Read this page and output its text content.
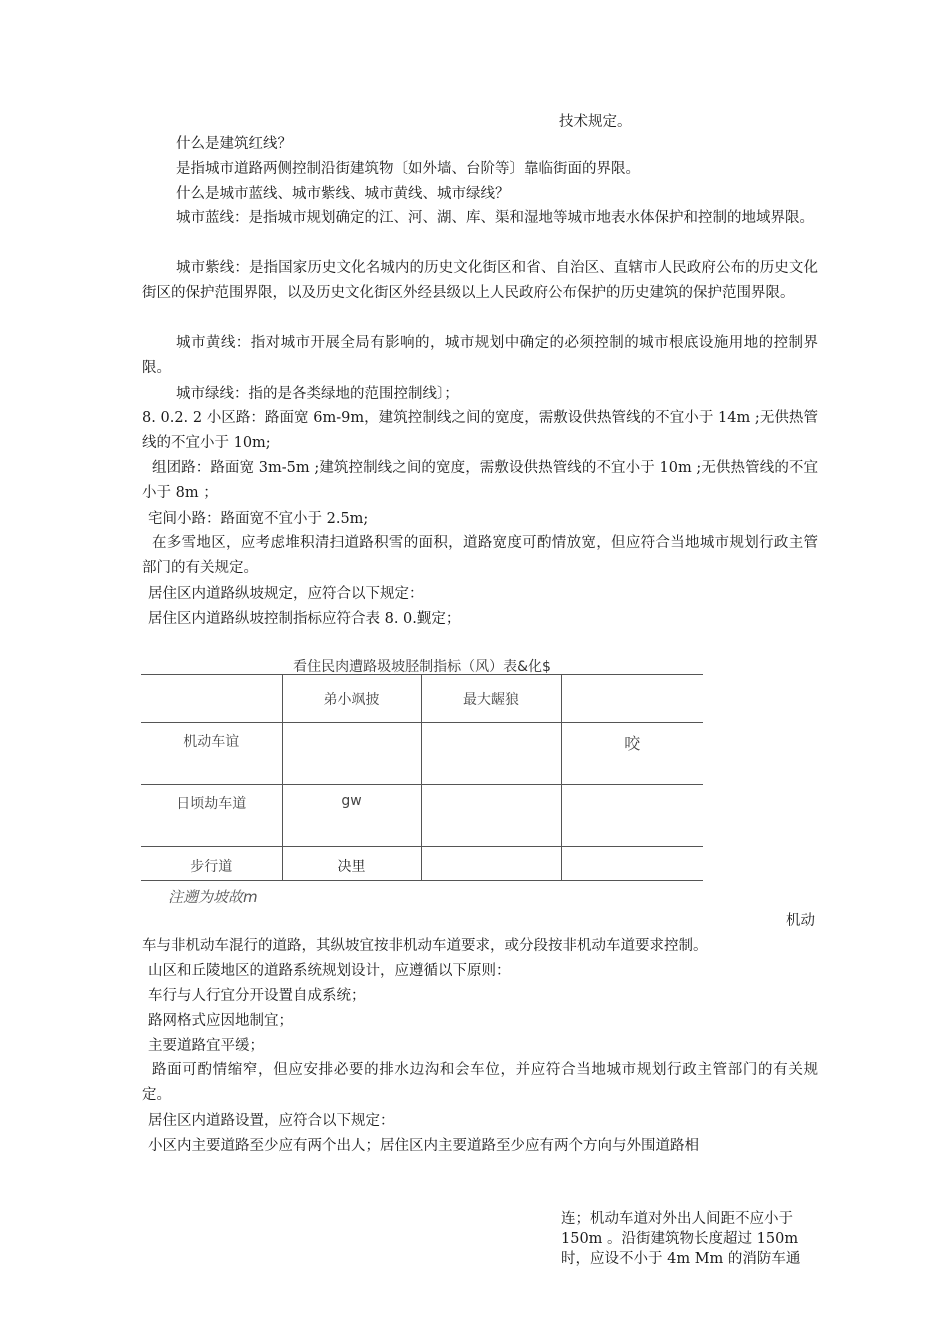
技术规定。
什么是建筑红线？
是指城市道路两侧控制沿街建筑物〔如外墙、台阶等〕靠临街面的界限。
什么是城市蓝线、城市紫线、城市黄线、城市绿线？
城市蓝线：是指城市规划确定的江、河、湖、库、渠和湿地等城市地表水体保护和控制的地域界限。
城市紫线：是指国家历史文化名城内的历史文化街区和省、自治区、直辖市人民政府公布的历史文化街区的保护范围界限，以及历史文化街区外经县级以上人民政府公布保护的历史建筑的保护范围界限。
城市黄线：指对城市开展全局有影响的，城市规划中确定的必须控制的城市根底设施用地的控制界限。
城市绿线：指的是各类绿地的范围控制线〕；
8. 0.2. 2 小区路：路面宽 6m-9m，建筑控制线之间的宽度，需敷设供热管线的不宜小于 14m ;无供热管线的不宜小于 10m;
组团路：路面宽 3m-5m ;建筑控制线之间的宽度，需敷设供热管线的不宜小于 10m ;无供热管线的不宜小于 8m ；
宅间小路：路面宽不宜小于 2.5m;
在多雪地区，应考虑堆积清扫道路积雪的面积，道路宽度可酌情放宽，但应符合当地城市规划行政主管部门的有关规定。
居住区内道路纵坡规定，应符合以下规定：
居住区内道路纵坡控制指标应符合表 8. 0.觐定；
看住民肉遭路圾坡胫制指标（风）表&化$
	弟小飒披	最大龌狼	
机动车谊			咬
日顷劫车道	gw		
步行道	决里		
注遡为坡故m
机动
车与非机动车混行的道路，其纵坡宜按非机动车道要求，或分段按非机动车道要求控制。
山区和丘陵地区的道路系统规划设计，应遵循以下原则：
车行与人行宜分开设置自成系统；
路网格式应因地制宜；
主要道路宜平缓；
路面可酌情缩窄，但应安排必要的排水边沟和会车位，并应符合当地城市规划行政主管部门的有关规定。
居住区内道路设置，应符合以下规定：
小区内主要道路至少应有两个出人；居住区内主要道路至少应有两个方向与外围道路相
连；机动车道对外出人间距不应小于 150m 。沿街建筑物长度超过 150m 时，应设不小于 4m Mm 的消防车通
